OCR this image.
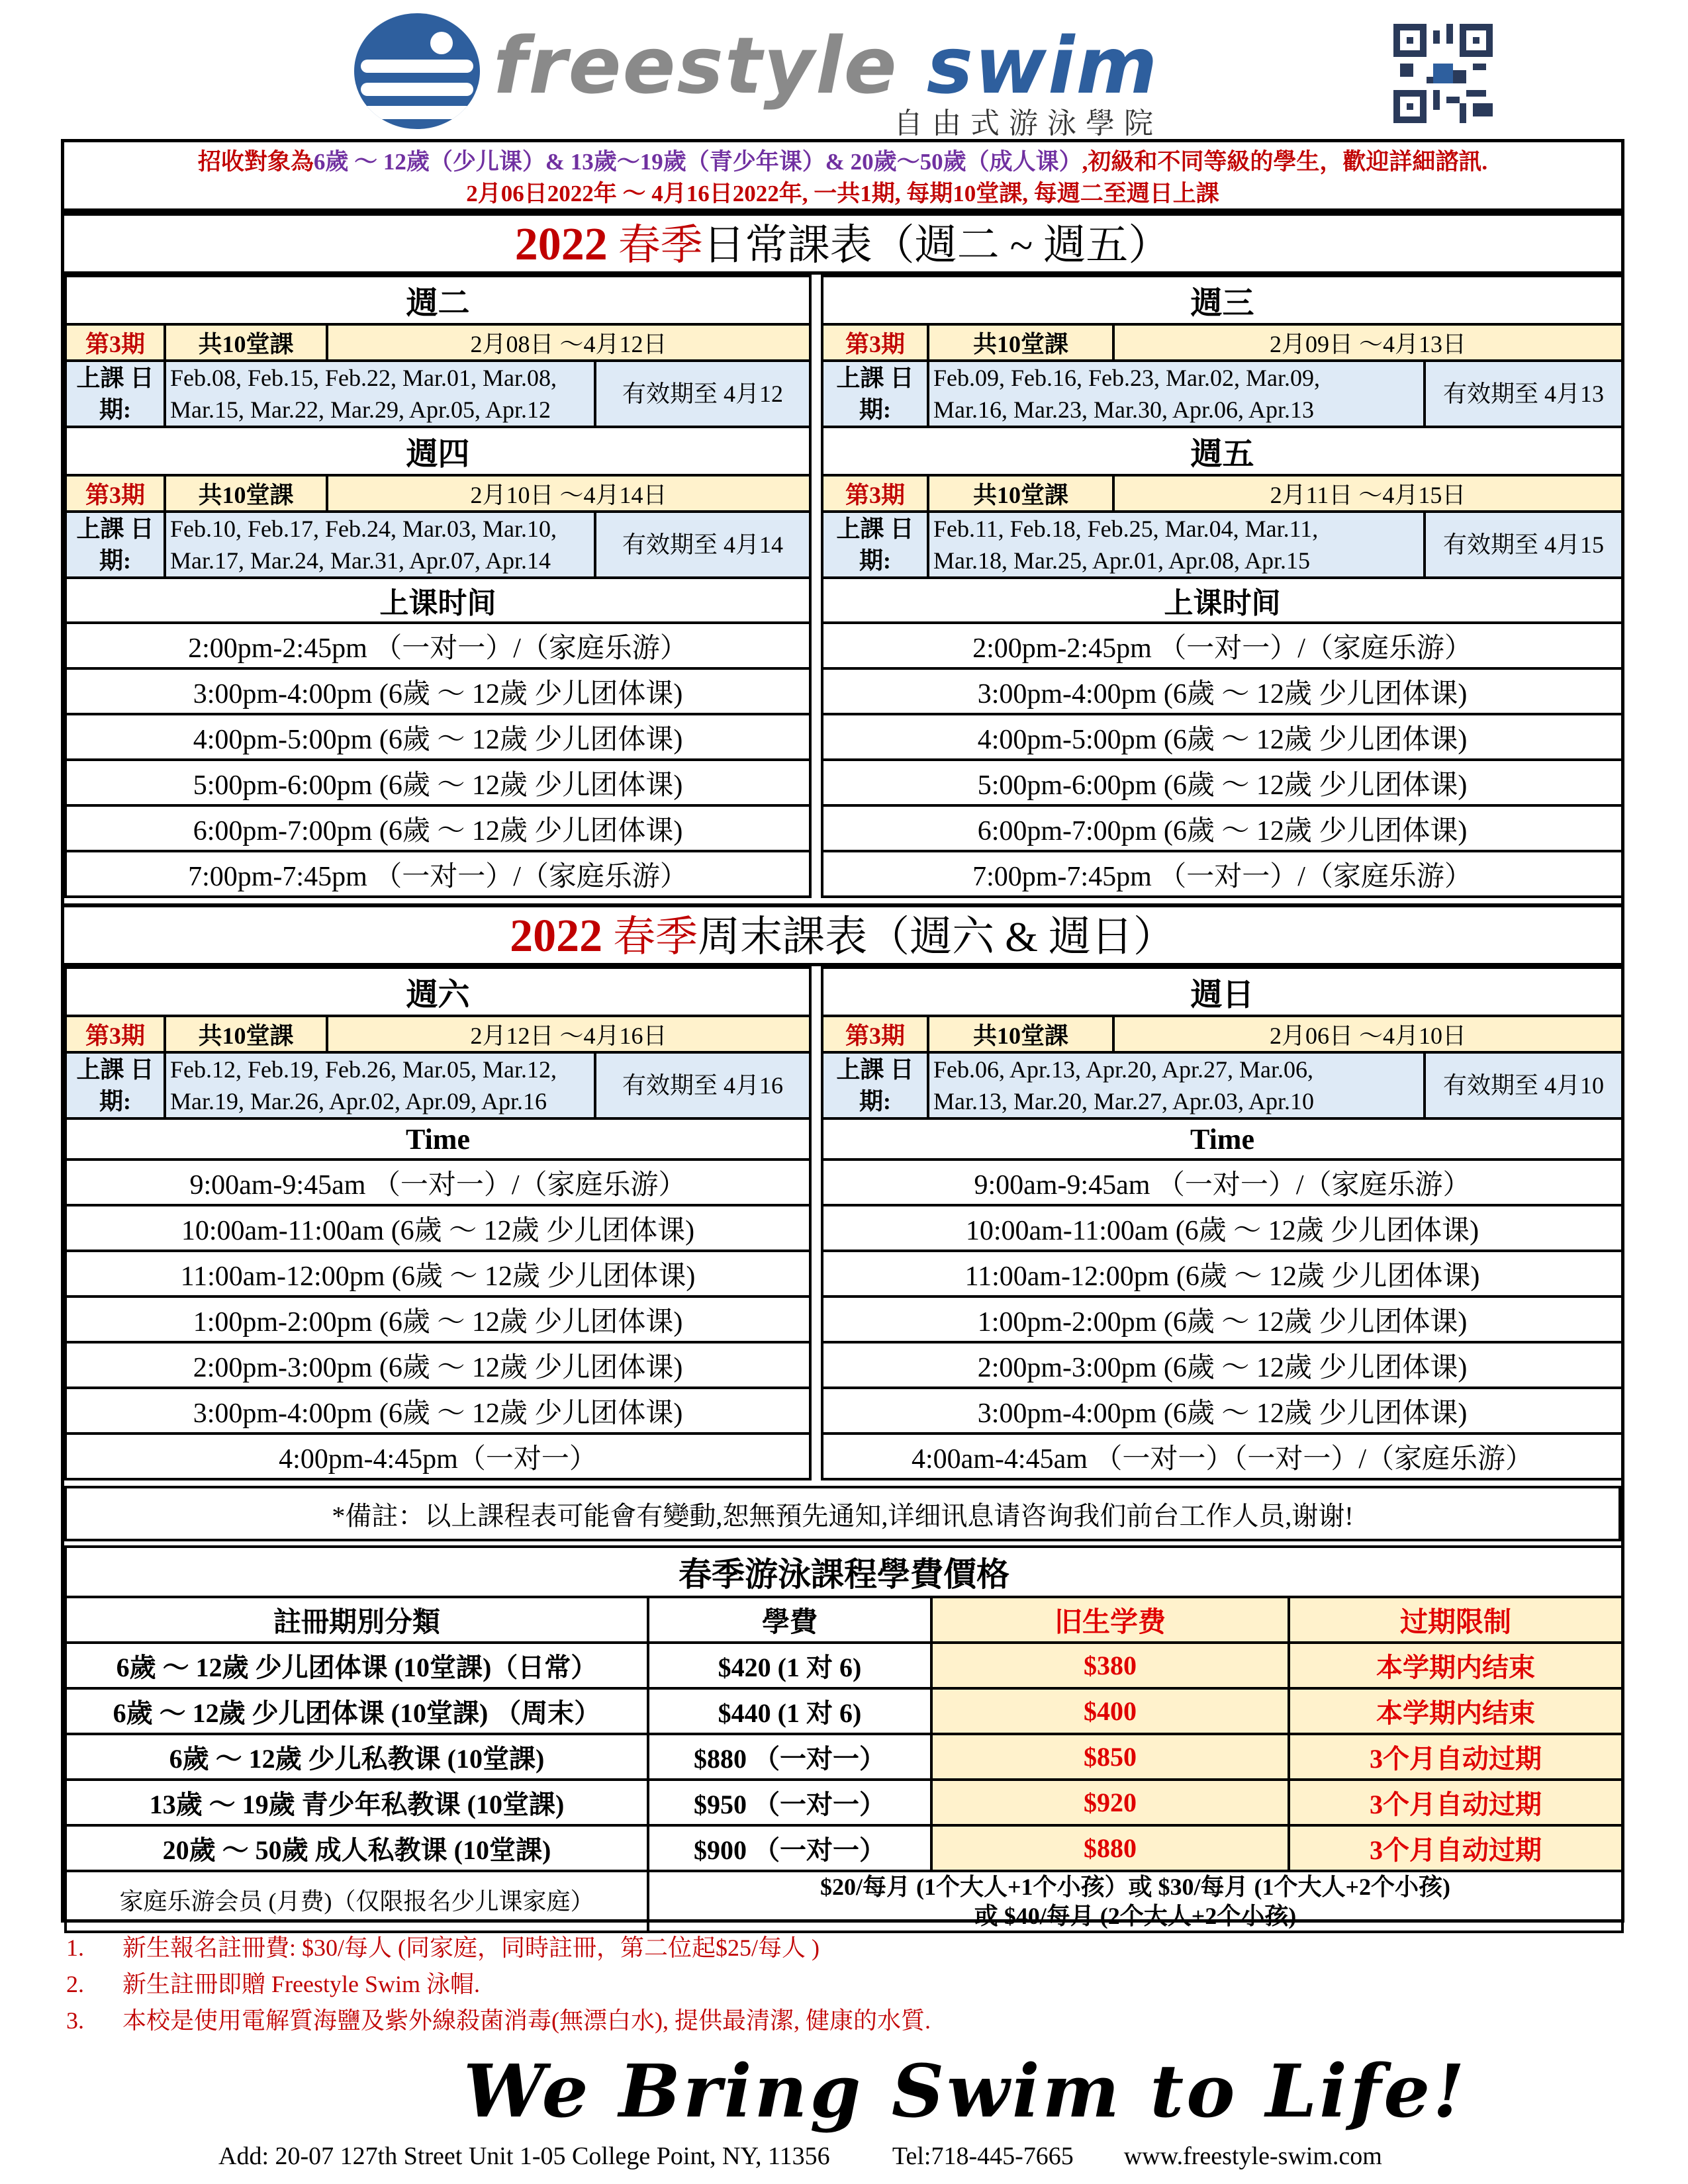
freestyle swim
自由式游泳學院
招收對象為6歲 ～ 12歲（少儿课）& 13歲～19歲（青少年课）& 20歲～50歲（成人课）,初級和不同等級的學生，歡迎詳細諮訊.
2月06日2022年 ～ 4月16日2022年, 一共1期, 每期10堂課, 每週二至週日上課
2022 春季日常課表（週二 ~ 週五）
週二			
第3期	共10堂課	2月08日 ～4月12日	
上課 日期:	Feb.08, Feb.15, Feb.22, Mar.01, Mar.08,
Mar.15, Mar.22, Mar.29, Apr.05, Apr.12		有效期至 4月12
週四			
第3期	共10堂課	2月10日 ～4月14日	
上課 日期:	Feb.10, Feb.17, Feb.24, Mar.03, Mar.10,
Mar.17, Mar.24, Mar.31, Apr.07, Apr.14		有效期至 4月14
上课时间			
2:00pm-2:45pm （一对一）/（家庭乐游）			
3:00pm-4:00pm (6歲 ～ 12歲 少儿团体课)			
4:00pm-5:00pm (6歲 ～ 12歲 少儿团体课)			
5:00pm-6:00pm (6歲 ～ 12歲 少儿团体课)			
6:00pm-7:00pm (6歲 ～ 12歲 少儿团体课)			
7:00pm-7:45pm （一对一）/（家庭乐游）			
週三			
第3期	共10堂課	2月09日 ～4月13日	
上課 日期:	Feb.09, Feb.16, Feb.23, Mar.02, Mar.09,
Mar.16, Mar.23, Mar.30, Apr.06, Apr.13		有效期至 4月13
週五			
第3期	共10堂課	2月11日 ～4月15日	
上課 日期:	Feb.11, Feb.18, Feb.25, Mar.04, Mar.11,
Mar.18, Mar.25, Apr.01, Apr.08, Apr.15		有效期至 4月15
上课时间			
2:00pm-2:45pm （一对一）/（家庭乐游）			
3:00pm-4:00pm (6歲 ～ 12歲 少儿团体课)			
4:00pm-5:00pm (6歲 ～ 12歲 少儿团体课)			
5:00pm-6:00pm (6歲 ～ 12歲 少儿团体课)			
6:00pm-7:00pm (6歲 ～ 12歲 少儿团体课)			
7:00pm-7:45pm （一对一）/（家庭乐游）			
2022 春季周末課表（週六 & 週日）
週六			
第3期	共10堂課	2月12日 ～4月16日	
上課 日期:	Feb.12, Feb.19, Feb.26, Mar.05, Mar.12,
Mar.19, Mar.26, Apr.02, Apr.09, Apr.16		有效期至 4月16
Time			
9:00am-9:45am （一对一）/（家庭乐游）			
10:00am-11:00am (6歲 ～ 12歲 少儿团体课)			
11:00am-12:00pm (6歲 ～ 12歲 少儿团体课)			
1:00pm-2:00pm (6歲 ～ 12歲 少儿团体课)			
2:00pm-3:00pm (6歲 ～ 12歲 少儿团体课)			
3:00pm-4:00pm (6歲 ～ 12歲 少儿团体课)			
4:00pm-4:45pm（一对一）			
週日			
第3期	共10堂課	2月06日 ～4月10日	
上課 日期:	Feb.06, Apr.13, Apr.20, Apr.27, Mar.06,
Mar.13, Mar.20, Mar.27, Apr.03, Apr.10		有效期至 4月10
Time			
9:00am-9:45am （一对一）/（家庭乐游）			
10:00am-11:00am (6歲 ～ 12歲 少儿团体课)			
11:00am-12:00pm (6歲 ～ 12歲 少儿团体课)			
1:00pm-2:00pm (6歲 ～ 12歲 少儿团体课)			
2:00pm-3:00pm (6歲 ～ 12歲 少儿团体课)			
3:00pm-4:00pm (6歲 ～ 12歲 少儿团体课)			
4:00am-4:45am （一对一）（一对一）/（家庭乐游）			
*備註：以上課程表可能會有變動,恕無預先通知,详细讯息请咨询我们前台工作人员,谢谢!
春季游泳課程學費價格			
註冊期別分類	學費	旧生学费	过期限制
6歲 ～ 12歲 少儿团体课 (10堂課)（日常）	$420 (1 对 6)	$380	本学期内结束
6歲 ～ 12歲 少儿团体课 (10堂課) （周末）	$440 (1 对 6)	$400	本学期内结束
6歲 ～ 12歲 少儿私教课 (10堂課)	$880 （一对一）	$850	3个月自动过期
13歲 ～ 19歲 青少年私教课 (10堂課)	$950 （一对一）	$920	3个月自动过期
20歲 ～ 50歲 成人私教课 (10堂課)	$900 （一对一）	$880	3个月自动过期
家庭乐游会员 (月费)（仅限报名少儿课家庭）	$20/每月 (1个大人+1个小孩）或 $30/每月 (1个大人+2个小孩)
或 $40/每月 (2个大人+2个小孩)		
1. 新生報名註冊費: $30/每人 (同家庭，同時註冊，第二位起$25/每人 )
2. 新生註冊即贈 Freestyle Swim 泳帽.
3. 本校是使用電解質海鹽及紫外線殺菌消毒(無漂白水), 提供最清潔, 健康的水質.
We Bring Swim to Life!
Add: 20-07 127th Street Unit 1-05 College Point, NY, 11356 Tel:718-445-7665 www.freestyle-swim.com
